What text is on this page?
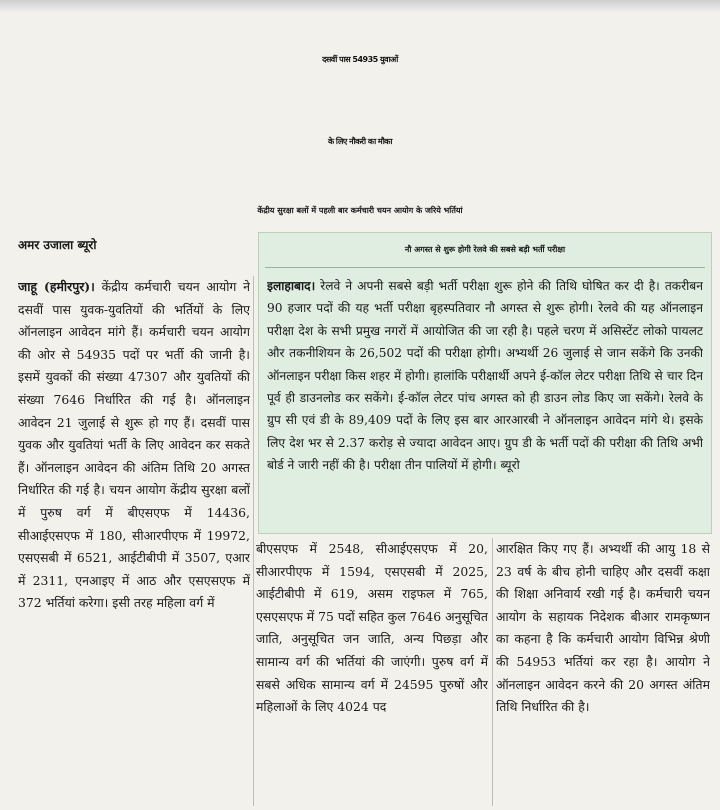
दसवीं पास 54935 युवाओं
के लिए नौकरी का मौका
केंद्रीय सुरक्षा बलों में पहली बार कर्मचारी चयन आयोग के जरिये भर्तियां
अमर उजाला ब्यूरो
जाहू (हमीरपुर)। केंद्रीय कर्मचारी चयन आयोग ने दसवीं पास युवक-युवतियों की भर्तियों के लिए ऑनलाइन आवेदन मांगे हैं। कर्मचारी चयन आयोग की ओर से 54935 पदों पर भर्ती की जानी है। इसमें युवकों की संख्या 47307 और युवतियों की संख्या 7646 निर्धारित की गई है। ऑनलाइन आवेदन 21 जुलाई से शुरू हो गए हैं। दसवीं पास युवक और युवतियां भर्ती के लिए आवेदन कर सकते हैं। ऑनलाइन आवेदन की अंतिम तिथि 20 अगस्त निर्धारित की गई है। चयन आयोग केंद्रीय सुरक्षा बलों में पुरुष वर्ग में बीएसएफ में 14436, सीआईएसएफ में 180, सीआरपीएफ में 19972, एसएसबी में 6521, आईटीबीपी में 3507, एआर में 2311, एनआइए में आठ और एसएसएफ में 372 भर्तियां करेगा। इसी तरह महिला वर्ग में
नौ अगस्त से शुरू होगी रेलवे की सबसे बड़ी भर्ती परीक्षा
इलाहाबाद। रेलवे ने अपनी सबसे बड़ी भर्ती परीक्षा शुरू होने की तिथि घोषित कर दी है। तकरीबन 90 हजार पदों की यह भर्ती परीक्षा बृहस्पतिवार नौ अगस्त से शुरू होगी। रेलवे की यह ऑनलाइन परीक्षा देश के सभी प्रमुख नगरों में आयोजित की जा रही है। पहले चरण में असिस्टेंट लोको पायलट और तकनीशियन के 26,502 पदों की परीक्षा होगी। अभ्यर्थी 26 जुलाई से जान सकेंगे कि उनकी ऑनलाइन परीक्षा किस शहर में होगी। हालांकि परीक्षार्थी अपने ई-कॉल लेटर परीक्षा तिथि से चार दिन पूर्व ही डाउनलोड कर सकेंगे। ई-कॉल लेटर पांच अगस्त को ही डाउन लोड किए जा सकेंगे। रेलवे के ग्रुप सी एवं डी के 89,409 पदों के लिए इस बार आरआरबी ने ऑनलाइन आवेदन मांगे थे। इसके लिए देश भर से 2.37 करोड़ से ज्यादा आवेदन आए। ग्रुप डी के भर्ती पदों की परीक्षा की तिथि अभी बोर्ड ने जारी नहीं की है। परीक्षा तीन पालियों में होगी। ब्यूरो
बीएसएफ में 2548, सीआईएसएफ में 20, सीआरपीएफ में 1594, एसएसबी में 2025, आईटीबीपी में 619, असम राइफल में 765, एसएसएफ में 75 पदों सहित कुल 7646 अनुसूचित जाति, अनुसूचित जन जाति, अन्य पिछड़ा और सामान्य वर्ग की भर्तियां की जाएंगी। पुरुष वर्ग में सबसे अधिक सामान्य वर्ग में 24595 पुरुषों और महिलाओं के लिए 4024 पद
आरक्षित किए गए हैं। अभ्यर्थी की आयु 18 से 23 वर्ष के बीच होनी चाहिए और दसवीं कक्षा की शिक्षा अनिवार्य रखी गई है। कर्मचारी चयन आयोग के सहायक निदेशक बीआर रामकृष्णन का कहना है कि कर्मचारी आयोग विभिन्न श्रेणी की 54953 भर्तियां कर रहा है। आयोग ने ऑनलाइन आवेदन करने की 20 अगस्त अंतिम तिथि निर्धारित की है।
